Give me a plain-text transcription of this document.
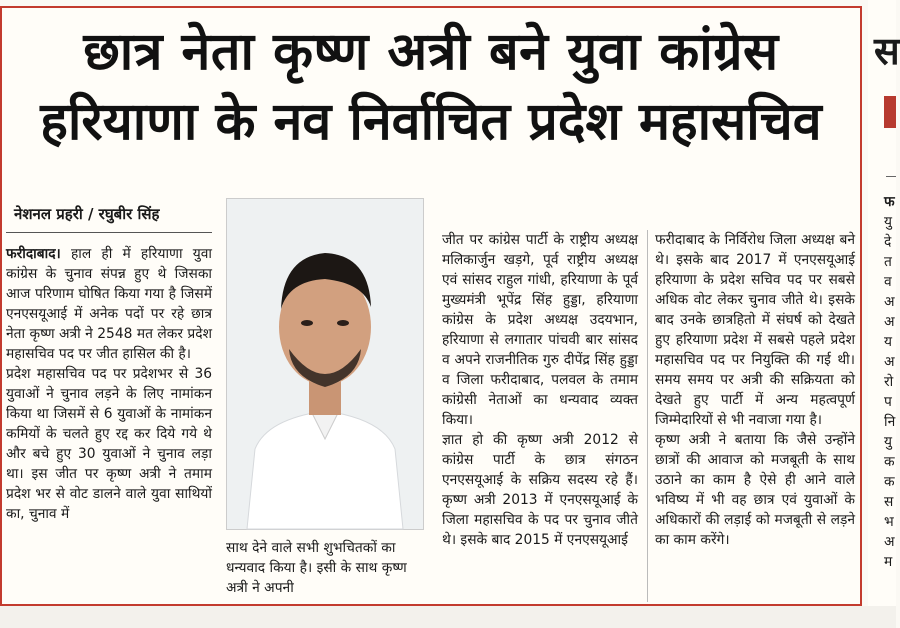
छात्र नेता कृष्ण अत्री बने युवा कांग्रेस
हरियाणा के नव निर्वाचित प्रदेश महासचिव
नेशनल प्रहरी / रघुबीर सिंह

फरीदाबाद। हाल ही में हरियाणा युवा कांग्रेस के चुनाव संपन्न हुए थे जिसका आज परिणाम घोषित किया गया है जिसमें एनएसयूआई में अनेक पदों पर रहे छात्र नेता कृष्ण अत्री ने 2548 मत लेकर प्रदेश महासचिव पद पर जीत हासिल की है।

प्रदेश महासचिव पद पर प्रदेशभर से 36 युवाओं ने चुनाव लड़ने के लिए नामांकन किया था जिसमें से 6 युवाओं के नामांकन कमियों के चलते हुए रद्द कर दिये गये थे और बचे हुए 30 युवाओं ने चुनाव लड़ा था। इस जीत पर कृष्ण अत्री ने तमाम प्रदेश भर से वोट डालने वाले युवा साथियों का, चुनाव में

साथ देने वाले सभी शुभचितकों का धन्यवाद किया है। इसी के साथ कृष्ण अत्री ने अपनी

जीत पर कांग्रेस पार्टी के राष्ट्रीय अध्यक्ष मलिकार्जुन खड़गे, पूर्व राष्ट्रीय अध्यक्ष एवं सांसद राहुल गांधी, हरियाणा के पूर्व मुख्यमंत्री भूपेंद्र सिंह हुड्डा, हरियाणा कांग्रेस के प्रदेश अध्यक्ष उदयभान, हरियाणा से लगातार पांचवी बार सांसद व अपने राजनीतिक गुरु दीपेंद्र सिंह हुड्डा व जिला फरीदाबाद, पलवल के तमाम कांग्रेसी नेताओं का धन्यवाद व्यक्त किया।

ज्ञात हो की कृष्ण अत्री 2012 से कांग्रेस पार्टी के छात्र संगठन एनएसयूआई के सक्रिय सदस्य रहे हैं। कृष्ण अत्री 2013 में एनएसयूआई के जिला महासचिव के पद पर चुनाव जीते थे। इसके बाद 2015 में एनएसयूआई

फरीदाबाद के निर्विरोध जिला अध्यक्ष बने थे। इसके बाद 2017 में एनएसयूआई हरियाणा के प्रदेश सचिव पद पर सबसे अधिक वोट लेकर चुनाव जीते थे। इसके बाद उनके छात्रहितो में संघर्ष को देखते हुए हरियाणा प्रदेश में सबसे पहले प्रदेश महासचिव पद पर नियुक्ति की गई थी। समय समय पर अत्री की सक्रियता को देखते हुए पार्टी में अन्य महत्वपूर्ण जिम्मेदारियों से भी नवाजा गया है।

कृष्ण अत्री ने बताया कि जैसे उन्होंने छात्रों की आवाज को मजबूती के साथ उठाने का काम है ऐसे ही आने वाले भविष्य में भी वह छात्र एवं युवाओं के अधिकारों की लड़ाई को मजबूती से लड़ने का काम करेंगे।

स
फ यु दे त व अ अ य अ रो प नि यु क क स भ अ म
